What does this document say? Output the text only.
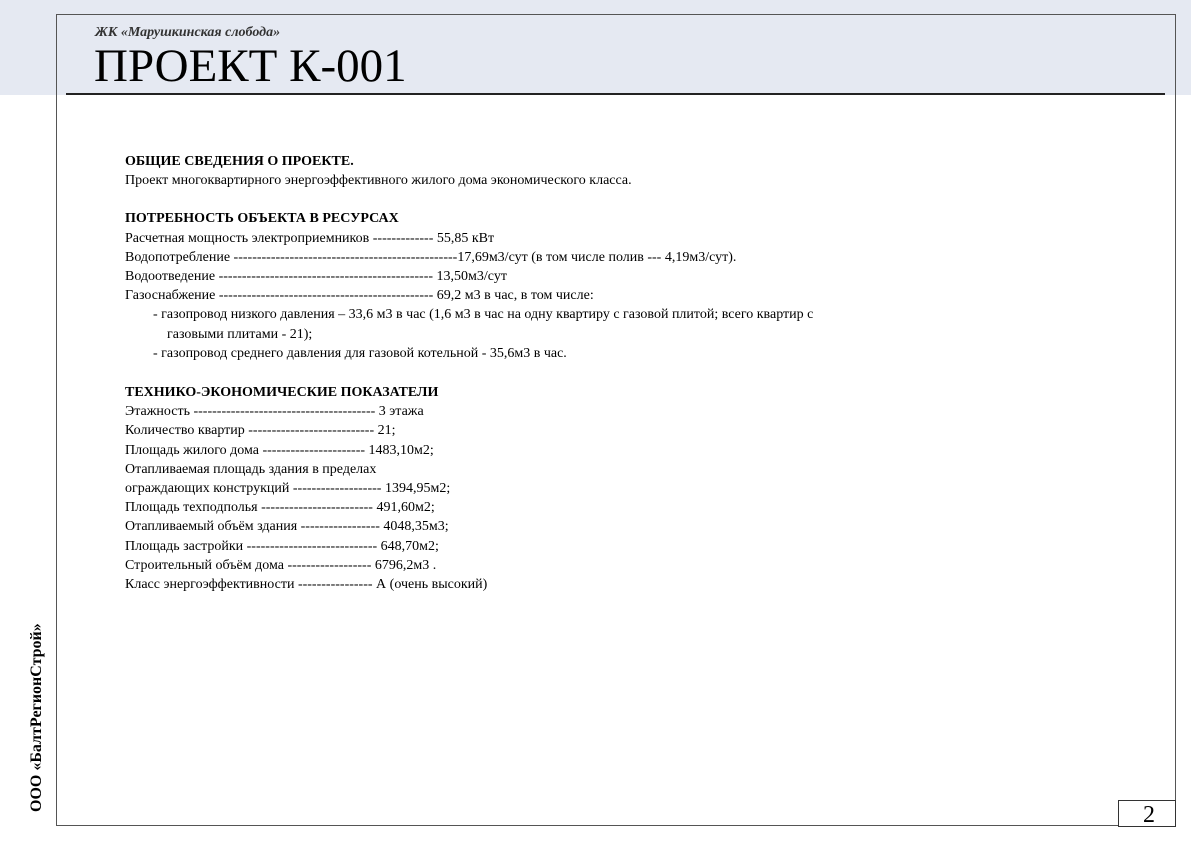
ЖК «Марушкинская слобода»
ПРОЕКТ К-001
ООО «БалтРегионСтрой»
ОБЩИЕ СВЕДЕНИЯ О ПРОЕКТЕ.
Проект многоквартирного энергоэффективного жилого дома экономического класса.
ПОТРЕБНОСТЬ ОБЪЕКТА В РЕСУРСАХ
Расчетная мощность электроприемников ------------- 55,85 кВт
Водопотребление ------------------------------------------------17,69м3/сут (в том числе полив --- 4,19м3/сут).
Водоотведение ---------------------------------------------- 13,50м3/сут
Газоснабжение ---------------------------------------------- 69,2 м3 в час, в том числе:
- газопровод низкого давления – 33,6 м3 в час (1,6 м3 в час на одну квартиру с газовой плитой; всего квартир с
газовыми плитами - 21);
- газопровод среднего давления для газовой котельной - 35,6м3 в час.
ТЕХНИКО-ЭКОНОМИЧЕСКИЕ ПОКАЗАТЕЛИ
Этажность --------------------------------------- 3 этажа
Количество квартир --------------------------- 21;
Площадь жилого дома ---------------------- 1483,10м2;
Отапливаемая площадь здания в пределах
ограждающих конструкций ------------------- 1394,95м2;
Площадь техподполья ------------------------ 491,60м2;
Отапливаемый объём здания ----------------- 4048,35м3;
Площадь застройки ---------------------------- 648,70м2;
Строительный объём дома ------------------ 6796,2м3 .
Класс энергоэффективности ---------------- А (очень высокий)
2
